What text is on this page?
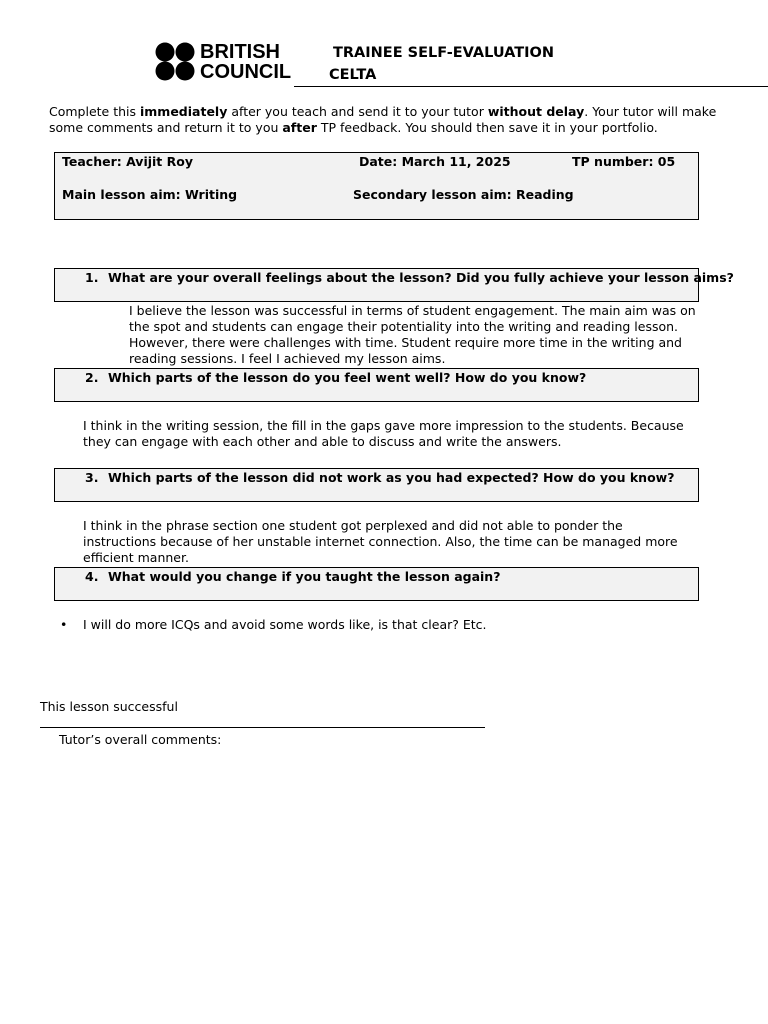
BRITISH
COUNCIL
TRAINEE SELF-EVALUATION
CELTA
Complete this immediately after you teach and send it to your tutor without delay. Your tutor will make some comments and return it to you after TP feedback. You should then save it in your portfolio.
Teacher: Avijit Roy	Date: March 11, 2025	TP number: 05
Main lesson aim: Writing	Secondary lesson aim: Reading
1. What are your overall feelings about the lesson? Did you fully achieve your lesson aims?
I believe the lesson was successful in terms of student engagement. The main aim was on the spot and students can engage their potentiality into the writing and reading lesson. However, there were challenges with time. Student require more time in the writing and reading sessions. I feel I achieved my lesson aims.
2. Which parts of the lesson do you feel went well? How do you know?
I think in the writing session, the fill in the gaps gave more impression to the students. Because they can engage with each other and able to discuss and write the answers.
3. Which parts of the lesson did not work as you had expected? How do you know?
I think in the phrase section one student got perplexed and did not able to ponder the instructions because of her unstable internet connection. Also, the time can be managed more efficient manner.
4. What would you change if you taught the lesson again?
• I will do more ICQs and avoid some words like, is that clear? Etc.
This lesson successful
Tutor’s overall comments:
